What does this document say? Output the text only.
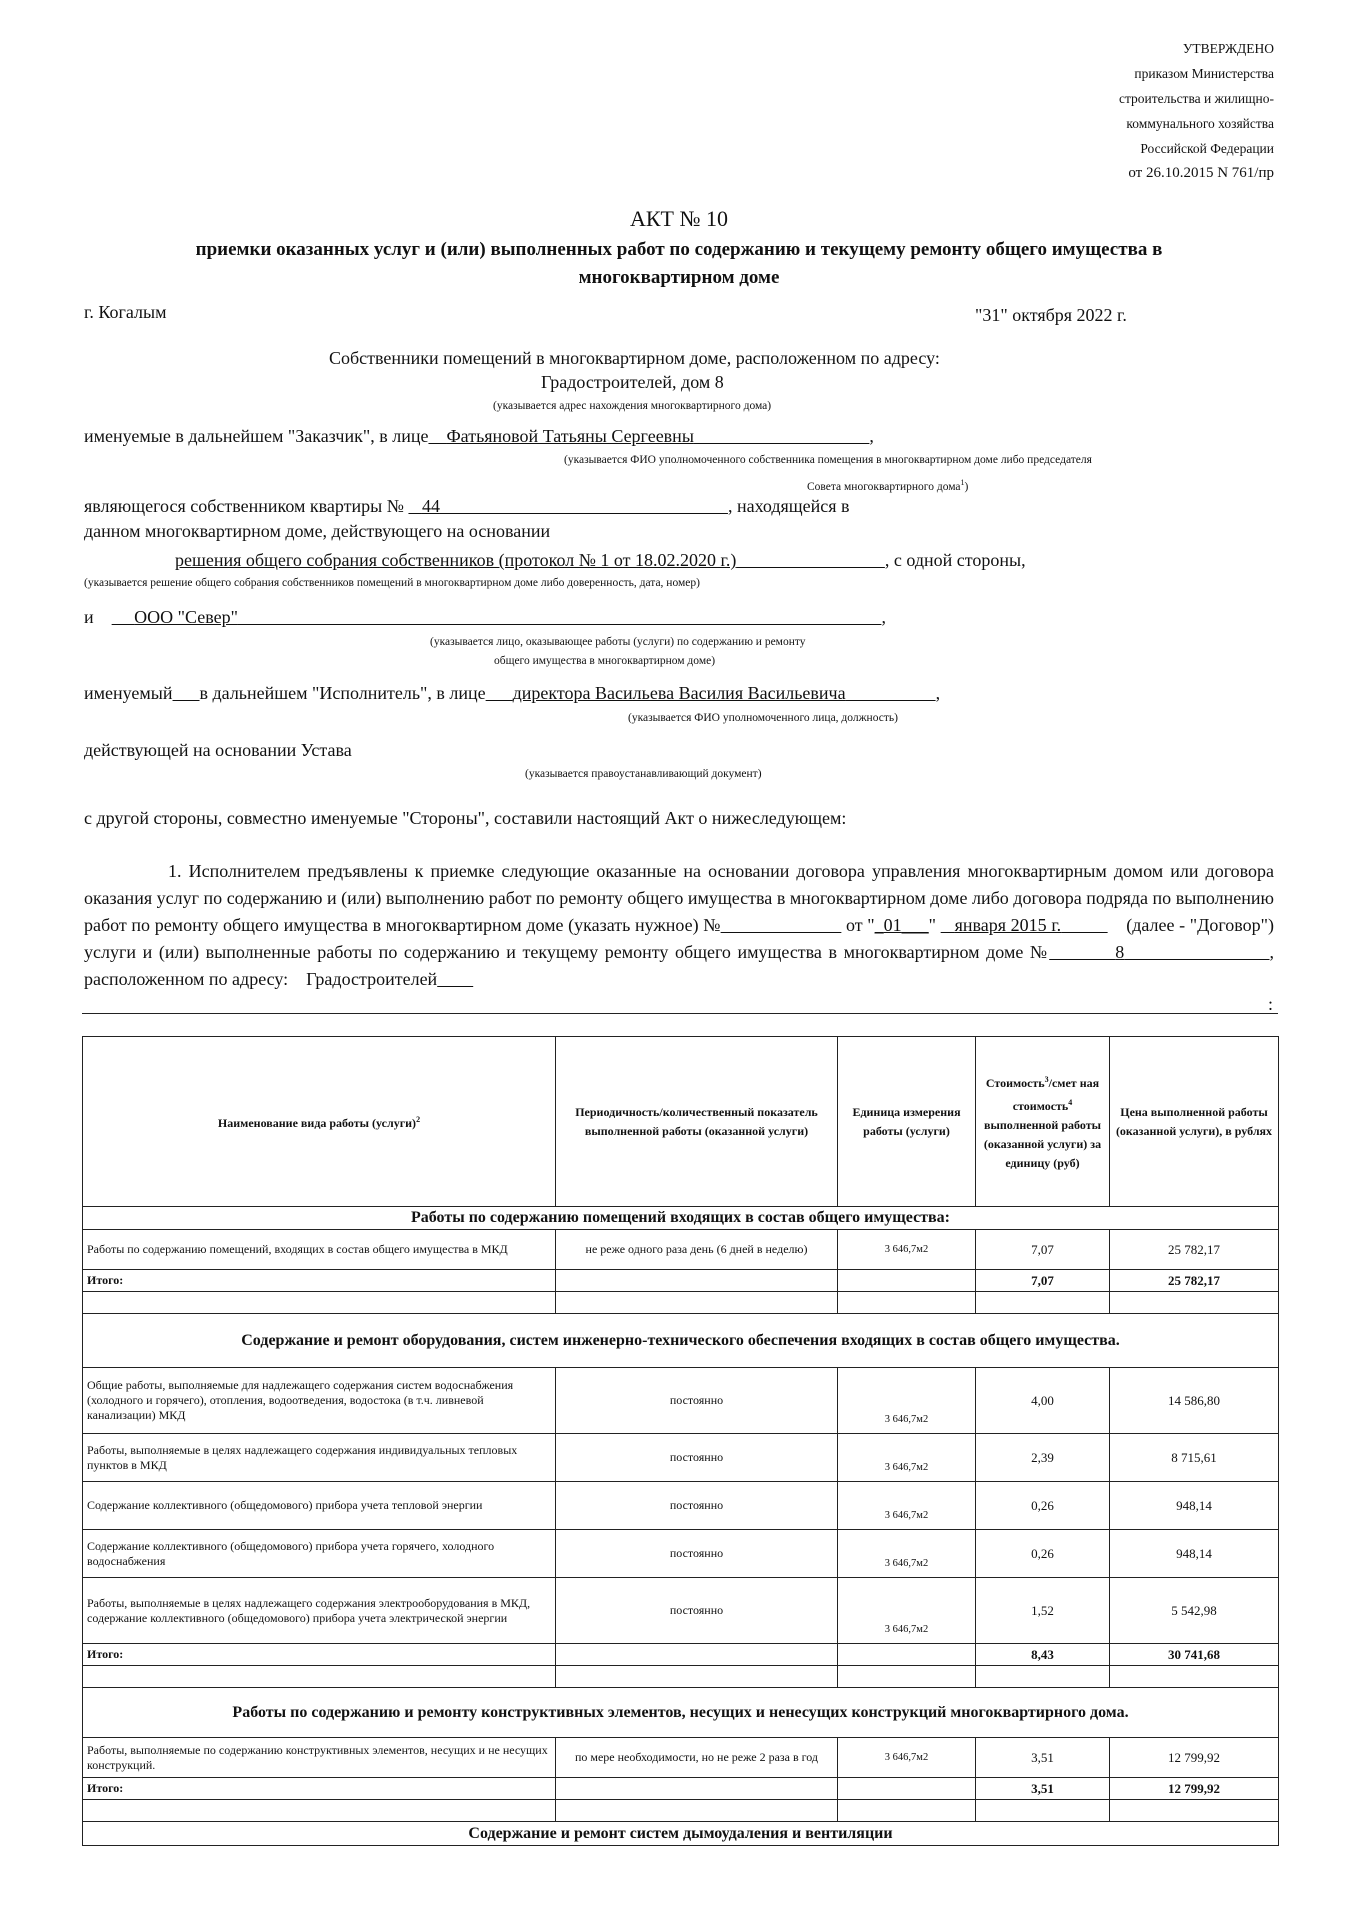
УТВЕРЖДЕНО
приказом Министерства
строительства и жилищно-
коммунального хозяйства
Российской Федерации
от 26.10.2015 N 761/пр
АКТ № 10
приемки оказанных услуг и (или) выполненных работ по содержанию и текущему ремонту общего имущества в многоквартирном доме
г. Когалым	"31" октября 2022 г.
Собственники помещений в многоквартирном доме, расположенном по адресу:
Градостроителей, дом 8
(указывается адрес нахождения многоквартирного дома)
именуемые в дальнейшем "Заказчик", в лице Фатьяновой Татьяны Сергеевны	,
(указывается ФИО уполномоченного собственника помещения в многоквартирном доме либо председателя
Совета многоквартирного дома$^1$)
являющегося собственником квартиры № 44	, находящейся в
данном многоквартирном доме, действующего на основании
решения общего собрания собственников (протокол № 1 от 18.02.2020 г.)	, с одной стороны,
(указывается решение общего собрания собственников помещений в многоквартирном доме либо доверенность, дата, номер)
и ООО "Север"	,
(указывается лицо, оказывающее работы (услуги) по содержанию и ремонту
общего имущества в многоквартирном доме)
именуемый в дальнейшем "Исполнитель", в лице директора Васильева Василия Васильевича	,
(указывается ФИО уполномоченного лица, должность)
действующей на основании Устава
(указывается правоустанавливающий документ)
с другой стороны, совместно именуемые "Стороны", составили настоящий Акт о нижеследующем:
1. Исполнителем предъявлены к приемке следующие оказанные на основании договора управления многоквартирным домом или договора оказания услуг по содержанию и (или) выполнению работ по ремонту общего имущества в многоквартирном доме либо договора подряда по выполнению работ по ремонту общего имущества в многоквартирном доме (указать нужное) №	от "_01___"    января 2015 г.	(далее - "Договор") услуги и (или) выполненные работы по содержанию и текущему ремонту общего имущества в многоквартирном доме №	8	, расположенном по адресу: Градостроителей
:
Наименование вида работы (услуги)$^2$	Периодичность/количественный показатель выполненной работы (оказанной услуги)	Единица измерения работы (услуги)	Стоимость$^3$/смет ная стоимость$^4$ выполненной работы (оказанной услуги) за единицу (руб)	Цена выполненной работы (оказанной услуги), в рублях
Работы по содержанию помещений входящих в состав общего имущества:				
Работы по содержанию помещений, входящих в состав общего имущества в МКД	не реже одного раза день (6 дней в неделю)	3 646,7м2	7,07	25 782,17
Итого:			7,07	25 782,17

Содержание и ремонт оборудования, систем инженерно-технического обеспечения входящих в состав общего имущества.				
Общие работы, выполняемые для надлежащего содержания систем водоснабжения (холодного и горячего), отопления, водоотведения, водостока (в т.ч. ливневой канализации) МКД	постоянно	3 646,7м2	4,00	14 586,80
Работы, выполняемые в целях надлежащего содержания индивидуальных тепловых пунктов в МКД	постоянно	3 646,7м2	2,39	8 715,61
Содержание коллективного (общедомового) прибора учета тепловой энергии	постоянно	3 646,7м2	0,26	948,14
Содержание коллективного (общедомового) прибора учета горячего, холодного водоснабжения	постоянно	3 646,7м2	0,26	948,14
Работы, выполняемые в целях надлежащего содержания электрооборудования в МКД, содержание коллективного (общедомового) прибора учета электрической энергии	постоянно	3 646,7м2	1,52	5 542,98
Итого:			8,43	30 741,68

Работы по содержанию и ремонту конструктивных элементов, несущих и ненесущих конструкций многоквартирного дома.				
Работы, выполняемые по содержанию конструктивных элементов, несущих и не несущих конструкций.	по мере необходимости, но не реже 2 раза в год	3 646,7м2	3,51	12 799,92
Итого:			3,51	12 799,92

Содержание и ремонт систем дымоудаления и вентиляции				
